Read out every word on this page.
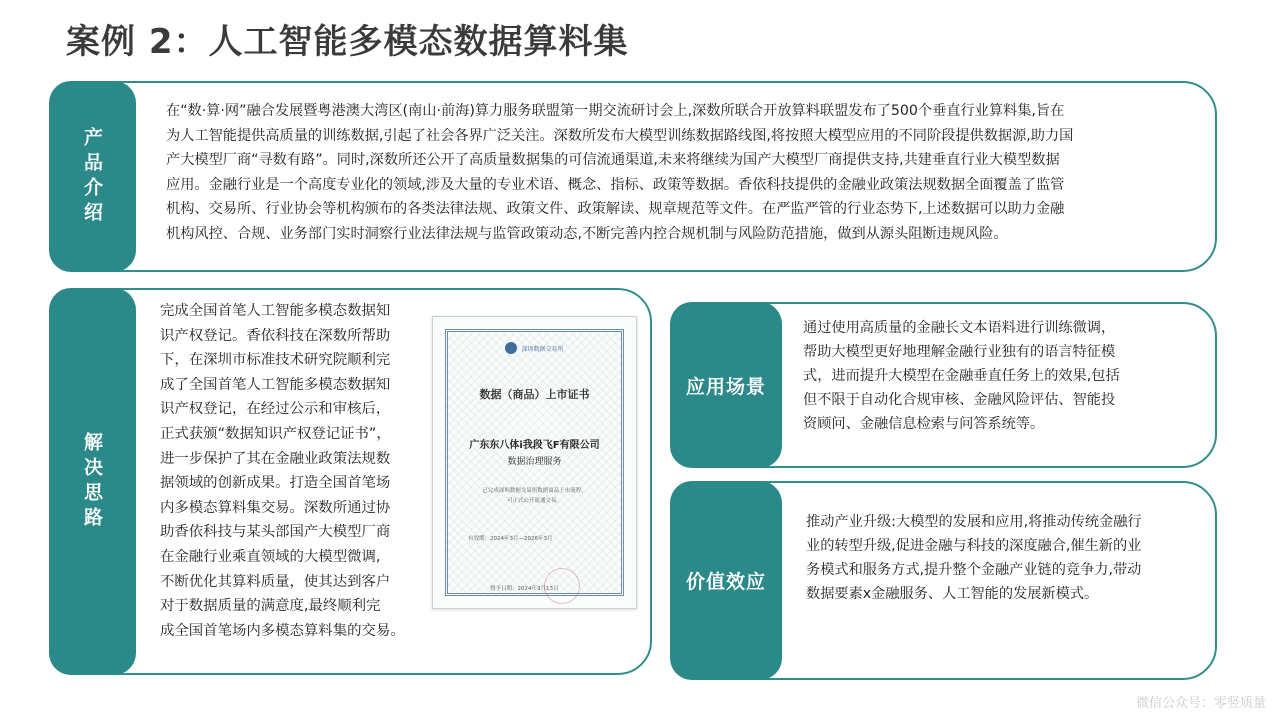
案例 2：人工智能多模态数据算料集
产品介绍
在“数·算·网”融合发展暨粤港澳大湾区(南山·前海)算力服务联盟第一期交流研讨会上,深数所联合开放算料联盟发布了500个垂直行业算料集,旨在
为人工智能提供高质量的训练数据,引起了社会各界广泛关注。深数所发布大模型训练数据路线图,将按照大模型应用的不同阶段提供数据源,助力国
产大模型厂商“寻数有路”。同时,深数所还公开了高质量数据集的可信流通渠道,未来将继续为国产大模型厂商提供支持,共建垂直行业大模型数据
应用。金融行业是一个高度专业化的领域,涉及大量的专业术语、概念、指标、政策等数据。香依科技提供的金融业政策法规数据全面覆盖了监管
机构、交易所、行业协会等机构颁布的各类法律法规、政策文件、政策解读、规章规范等文件。在严监严管的行业态势下,上述数据可以助力金融
机构风控、合规、业务部门实时洞察行业法律法规与监管政策动态,不断完善内控合规机制与风险防范措施，做到从源头阻断违规风险。
解决思路
完成全国首笔人工智能多模态数据知
识产权登记。香依科技在深数所帮助
下，在深圳市标准技术研究院顺利完
成了全国首笔人工智能多模态数据知
识产权登记，在经过公示和审核后，
正式获颁“数据知识产权登记证书”，
进一步保护了其在金融业政策法规数
据领域的创新成果。打造全国首笔场
内多模态算料集交易。深数所通过协
助香依科技与某头部国产大模型厂商
在金融行业乘直领域的大模型微调,
不断优化其算料质量，使其达到客户
对于数据质量的满意度,最终顺利完
成全国首笔场内多模态算料集的交易。
深圳数据交易所
数据（商品）上市证书
广东东八体i我段飞F有限公司
数据治理服务
已完成深圳数据交易所数据商品上市流程，
可正式公开流通交易。
有效期：2024年3月—2026年3月
授予日期：2024年3月13日
应用场景
通过使用高质量的金融长文本语料进行训练微调，
帮助大模型更好地理解金融行业独有的语言特征模
式，进而提升大模型在金融垂直任务上的效果,包括
但不限于自动化合规审核、金融风险评估、智能投
资顾问、金融信息检索与问答系统等。
价值效应
推动产业升级:大模型的发展和应用,将推动传统金融行
业的转型升级,促进金融与科技的深度融合,催生新的业
务模式和服务方式,提升整个金融产业链的竞争力,带动
数据要素x金融服务、人工智能的发展新模式。
微信公众号：零竖质量
